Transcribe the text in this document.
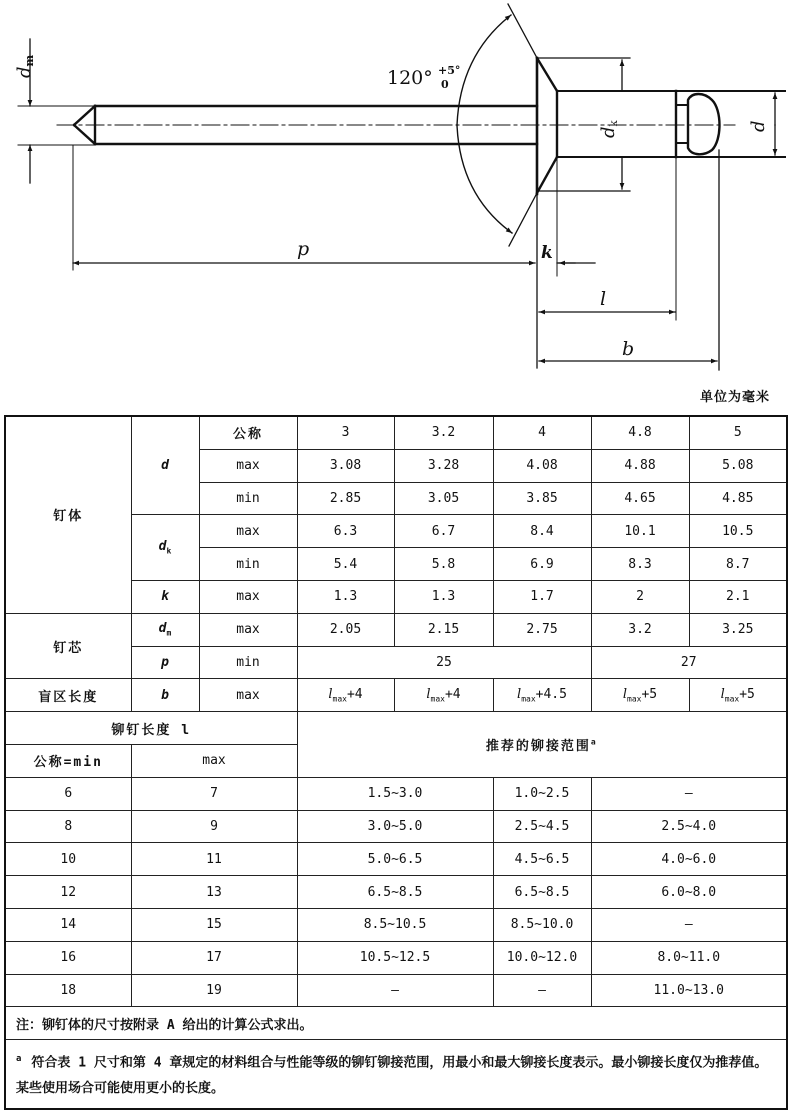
dm
120° +5°
0
dk	d
p	k
l
b
单位为毫米
钉体	d	公称	3	3.2	4	4.8	5
		max	3.08	3.28	4.08	4.88	5.08
		min	2.85	3.05	3.85	4.65	4.85
	$d_k$	max	6.3	6.7	8.4	10.1	10.5
		min	5.4	5.8	6.9	8.3	8.7
	k	max	1.3	1.3	1.7	2	2.1
钉芯	$d_m$	max	2.05	2.15	2.75	3.2	3.25
	p	min	25			27	
盲区长度	b	max	$l_{max}+4$	$l_{max}+4$	$l_{max}+4.5$	$l_{max}+5$	$l_{max}+5$
铆钉长度 l			推荐的铆接范围$^a$
公称=min	max						
6	7		1.5~3.0		1.0~2.5	—	
8	9		3.0~5.0		2.5~4.5	2.5~4.0	
10	11		5.0~6.5		4.5~6.5	4.0~6.0	
12	13		6.5~8.5		6.5~8.5	6.0~8.0	
14	15		8.5~10.5		8.5~10.0	—	
16	17		10.5~12.5		10.0~12.0	8.0~11.0	
18	19		—		—	11.0~13.0	
注：铆钉体的尺寸按附录 A 给出的计算公式求出。							
$^a$ 符合表 1 尺寸和第 4 章规定的材料组合与性能等级的铆钉铆接范围，用最小和最大铆接长度表示。最小铆接长度仅为推荐值。某些使用场合可能使用更小的长度。							
